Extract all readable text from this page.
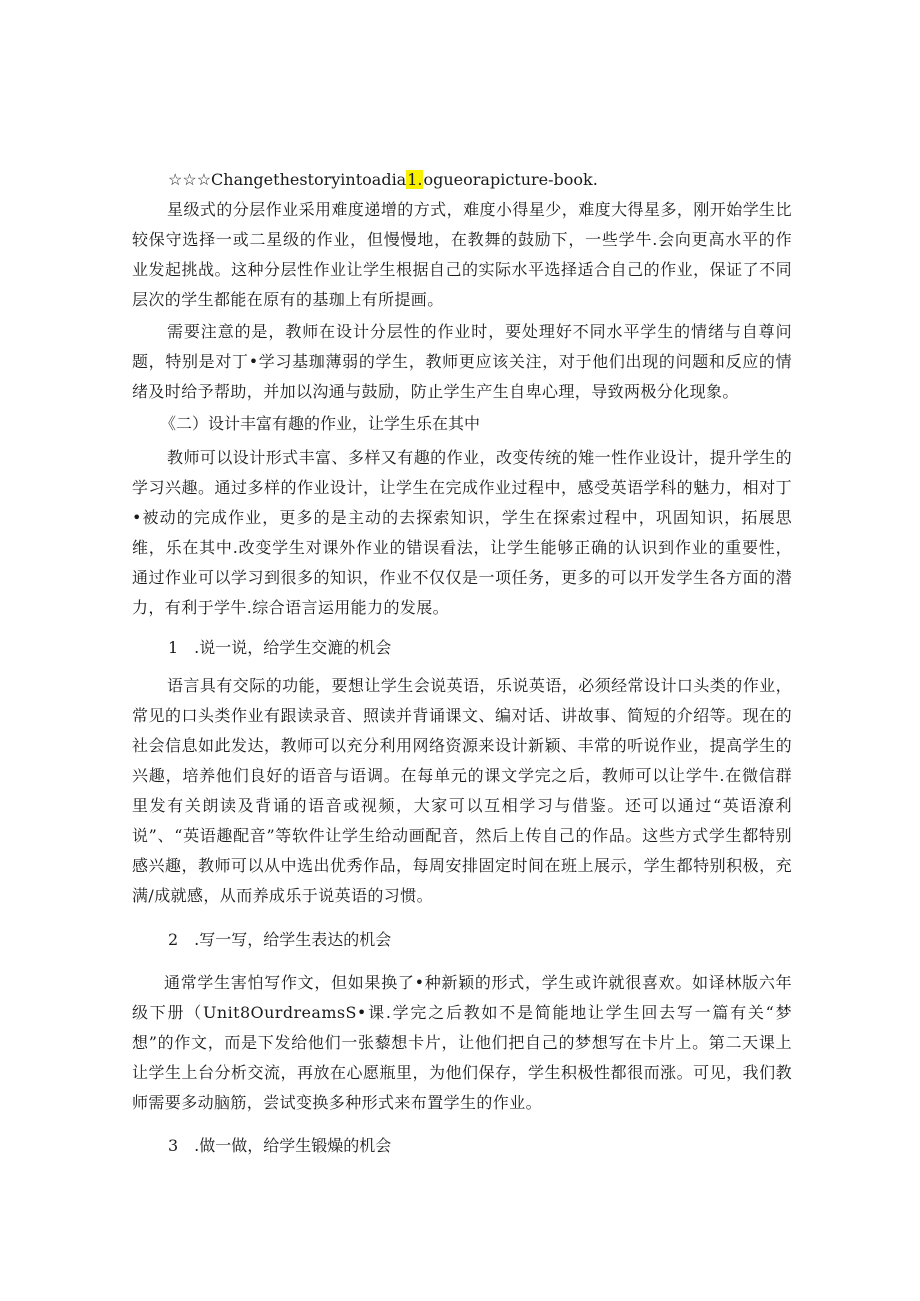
☆☆☆Changethestoryintoadia1.ogueorapicture-book.

星级式的分层作业采用难度递增的方式，难度小得星少，难度大得星多，刚开始学生比较保守选择一或二星级的作业，但慢慢地，在教舞的鼓励下，一些学牛.会向更高水平的作业发起挑战。这种分层性作业让学生根据自己的实际水平选择适合自己的作业，保证了不同层次的学生都能在原有的基珈上有所提画。

需要注意的是，教师在设计分层性的作业时，要处理好不同水平学生的情绪与自尊问题，特别是对丁•学习基珈薄弱的学生，教师更应该关注，对于他们出现的问题和反应的情绪及时给予帮助，并加以沟通与鼓励，防止学生产生自卑心理，导致两极分化现象。

《二）设计丰富有趣的作业，让学生乐在其中

教师可以设计形式丰富、多样又有趣的作业，改变传统的雉一性作业设计，提升学生的学习兴趣。通过多样的作业设计，让学生在完成作业过程中，感受英语学科的魅力，相对丁•被动的完成作业，更多的是主动的去探索知识，学生在探索过程中，巩固知识，拓展思维，乐在其中.改变学生对课外作业的错误看法，让学生能够正确的认识到作业的重要性，通过作业可以学习到很多的知识，作业不仅仅是一项任务，更多的可以开发学生各方面的潜力，有利于学牛.综合语言运用能力的发展。

1　.说一说，给学生交漉的机会

语言具有交际的功能，要想让学生会说英语，乐说英语，必须经常设计口头类的作业，常见的口头类作业有跟读录音、照读并背诵课文、编对话、讲故事、简短的介绍等。现在的社会信息如此发达，教师可以充分利用网络资源来设计新颖、丰常的听说作业，提高学生的兴趣，培养他们良好的语音与语调。在每单元的课文学完之后，教师可以让学牛.在微信群里发有关朗读及背诵的语音或视频，大家可以互相学习与借鉴。还可以通过“英语潦利说”、“英语趣配音”等软件让学生给动画配音，然后上传自己的作品。这些方式学生都特别感兴趣，教师可以从中选出优秀作品，每周安排固定时间在班上展示，学生都特别积极，充满/成就感，从而养成乐于说英语的习惯。

2　.写一写，给学生表达的机会

通常学生害怕写作文，但如果换了•种新颖的形式，学生或许就很喜欢。如译林版六年级下册（Unit8OurdreamsS•课.学完之后教如不是简能地让学生回去写一篇有关“梦想”的作文，而是下发给他们一张藜想卡片，让他们把自己的梦想写在卡片上。第二天课上让学生上台分析交流，再放在心愿瓶里，为他们保存，学生积极性都很而涨。可见，我们教师需要多动脑筋，尝试变换多种形式来布置学生的作业。

3　.做一做，给学生锻燥的机会
